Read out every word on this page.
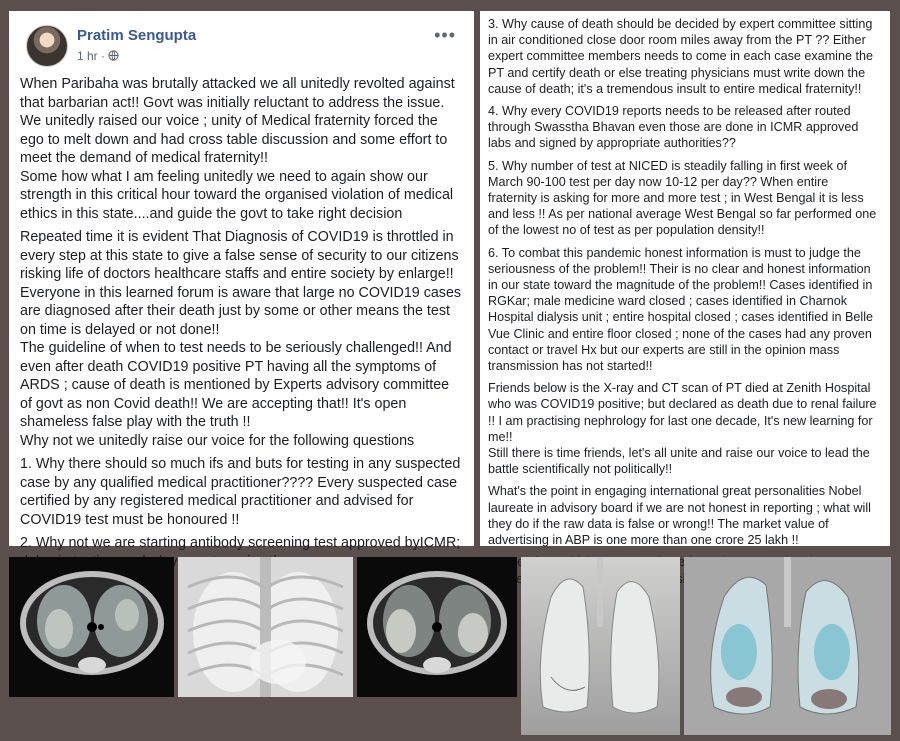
Pratim Sengupta
1 hr ·
•••

When Paribaha was brutally attacked we all unitedly revolted against that barbarian act!! Govt was initially reluctant to address the issue. We unitedly raised our voice ; unity of Medical fraternity forced the ego to melt down and had cross table discussion and some effort to meet the demand of medical fraternity!!
Some how what I am feeling unitedly we need to again show our strength in this critical hour toward the organised violation of medical ethics in this state....and guide the govt to take right decision

Repeated time it is evident That Diagnosis of COVID19 is throttled in every step at this state to give a false sense of security to our citizens risking life of doctors healthcare staffs and entire society by enlarge!!
Everyone in this learned forum is aware that large no COVID19 cases are diagnosed after their death just by some or other means the test on time is delayed or not done!!
The guideline of when to test needs to be seriously challenged!! And even after death COVID19 positive PT having all the symptoms of ARDS ; cause of death is mentioned by Experts advisory committee of govt as non Covid death!! We are accepting that!! It's open shameless false play with the truth !!
Why not we unitedly raise our voice for the following questions

1. Why there should so much ifs and buts for testing in any suspected case by any qualified medical practitioner???? Every suspected case certified by any registered medical practitioner and advised for COVID19 test must be honoured !!

2. Why not we are starting antibody screening test approved byICMR;

3. Why cause of death should be decided by expert committee sitting in air conditioned close door room miles away from the PT ?? Either expert committee members needs to come in each case examine the PT and certify death or else treating physicians must write down the cause of death; it's a tremendous insult to entire medical fraternity!!

4. Why every COVID19 reports needs to be released after routed through Swasstha Bhavan even those are done in ICMR approved labs and signed by appropriate authorities??

5. Why number of test at NICED is steadily falling in first week of March 90-100 test per day now 10-12 per day?? When entire fraternity is asking for more and more test ; in West Bengal it is less and less !! As per national average West Bengal so far performed one of the lowest no of test as per population density!!

6. To combat this pandemic honest information is must to judge the seriousness of the problem!! Their is no clear and honest information in our state toward the magnitude of the problem!! Cases identified in RGKar; male medicine ward closed ; cases identified in Charnok Hospital dialysis unit ; entire hospital closed ; cases identified in Belle Vue Clinic and entire floor closed ; none of the cases had any proven contact or travel Hx but our experts are still in the opinion mass transmission has not started!!

Friends below is the X-ray and CT scan of PT died at Zenith Hospital who was COVID19 positive; but declared as death due to renal failure !! I am practising nephrology for last one decade, It's new learning for me!!
Still there is time friends, let's all unite and raise our voice to lead the battle scientifically not politically!!

What's the point in engaging international great personalities Nobel laureate in advisory board if we are not honest in reporting ; what will they do if the raw data is false or wrong!! The market value of advertising in ABP is one more than one crore 25 lakh !!
